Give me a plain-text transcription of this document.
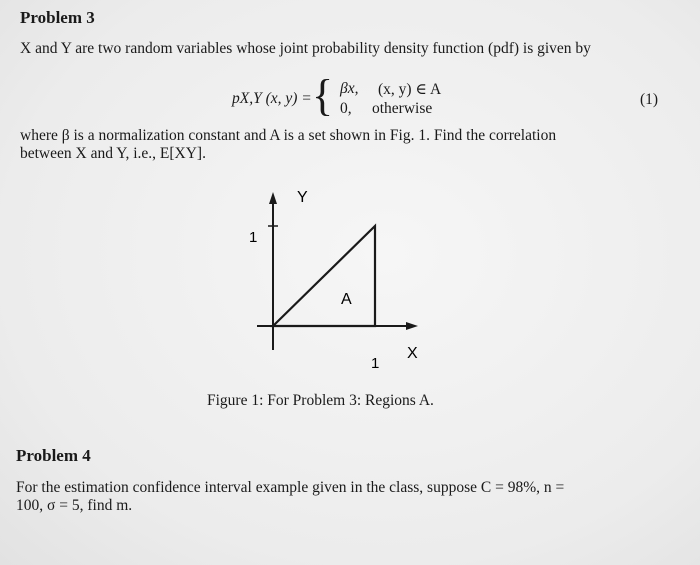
Problem 3
X and Y are two random variables whose joint probability density function (pdf) is given by
pX,Y (x, y) = { βx, (x, y) ∈ A
0, otherwise
(1)
where β is a normalization constant and A is a set shown in Fig. 1. Find the correlation
between X and Y, i.e., E[XY].
Y
X
1
1
A
Figure 1: For Problem 3: Regions A.
Problem 4
For the estimation confidence interval example given in the class, suppose C = 98%, n =
100, σ = 5, find m.
